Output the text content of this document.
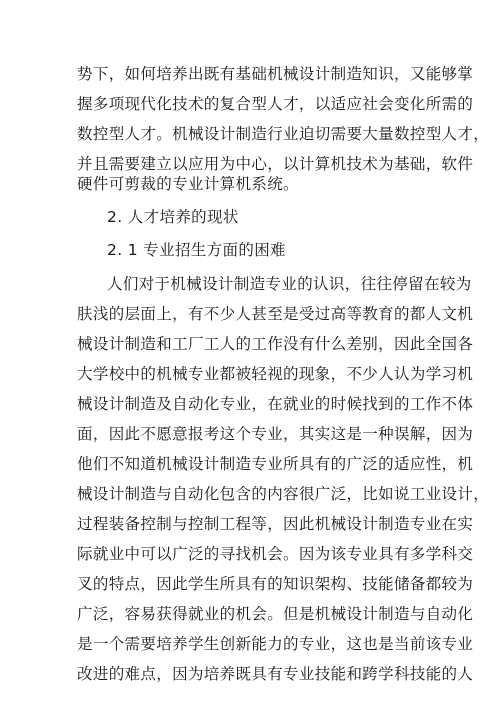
势下，如何培养出既有基础机械设计制造知识，又能够掌
握多项现代化技术的复合型人才，以适应社会变化所需的
数控型人才。机械设计制造行业迫切需要大量数控型人才，
并且需要建立以应用为中心，以计算机技术为基础，软件
硬件可剪裁的专业计算机系统。
2. 人才培养的现状
2. 1 专业招生方面的困难
人们对于机械设计制造专业的认识，往往停留在较为
肤浅的层面上，有不少人甚至是受过高等教育的都人文机
械设计制造和工厂工人的工作没有什么差别，因此全国各
大学校中的机械专业都被轻视的现象，不少人认为学习机
械设计制造及自动化专业，在就业的时候找到的工作不体
面，因此不愿意报考这个专业，其实这是一种误解，因为
他们不知道机械设计制造专业所具有的广泛的适应性，机
械设计制造与自动化包含的内容很广泛，比如说工业设计，
过程装备控制与控制工程等，因此机械设计制造专业在实
际就业中可以广泛的寻找机会。因为该专业具有多学科交
叉的特点，因此学生所具有的知识架构、技能储备都较为
广泛，容易获得就业的机会。但是机械设计制造与自动化
是一个需要培养学生创新能力的专业，这也是当前该专业
改进的难点，因为培养既具有专业技能和跨学科技能的人
